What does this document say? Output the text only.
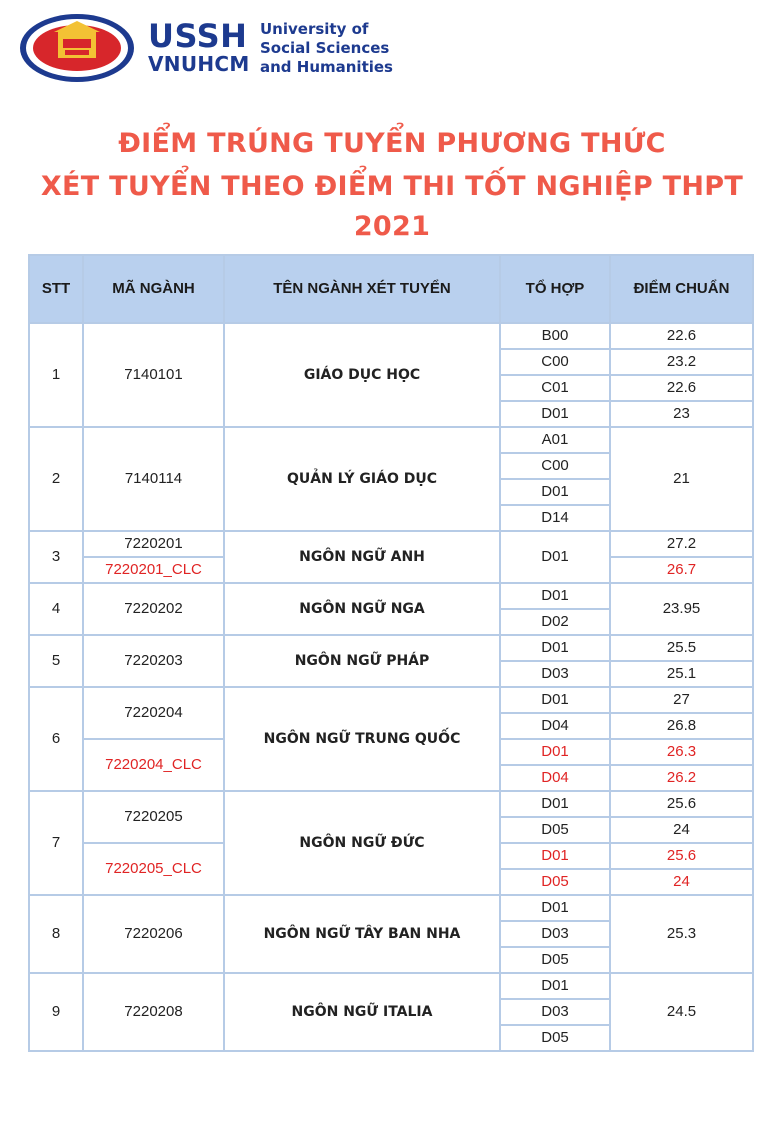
USSH
VNUHCM
University of
Social Sciences
and Humanities
ĐIỂM TRÚNG TUYỂN PHƯƠNG THỨC
XÉT TUYỂN THEO ĐIỂM THI TỐT NGHIỆP THPT 2021
STT	MÃ NGÀNH	TÊN NGÀNH XÉT TUYỂN	TỔ HỢP	ĐIỂM CHUẨN
1	7140101	GIÁO DỤC HỌC	B00	22.6
			C00	23.2
			C01	22.6
			D01	23
2	7140114	QUẢN LÝ GIÁO DỤC	A01	21
			C00	
			D01	
			D14	
3	7220201	NGÔN NGỮ ANH	D01	27.2
	7220201_CLC			26.7
4	7220202	NGÔN NGỮ NGA	D01	23.95
			D02	
5	7220203	NGÔN NGỮ PHÁP	D01	25.5
			D03	25.1
6	7220204	NGÔN NGỮ TRUNG QUỐC	D01	27
			D04	26.8
	7220204_CLC		D01	26.3
			D04	26.2
7	7220205	NGÔN NGỮ ĐỨC	D01	25.6
			D05	24
	7220205_CLC		D01	25.6
			D05	24
8	7220206	NGÔN NGỮ TÂY BAN NHA	D01	25.3
			D03	
			D05	
9	7220208	NGÔN NGỮ ITALIA	D01	24.5
			D03	
			D05	
